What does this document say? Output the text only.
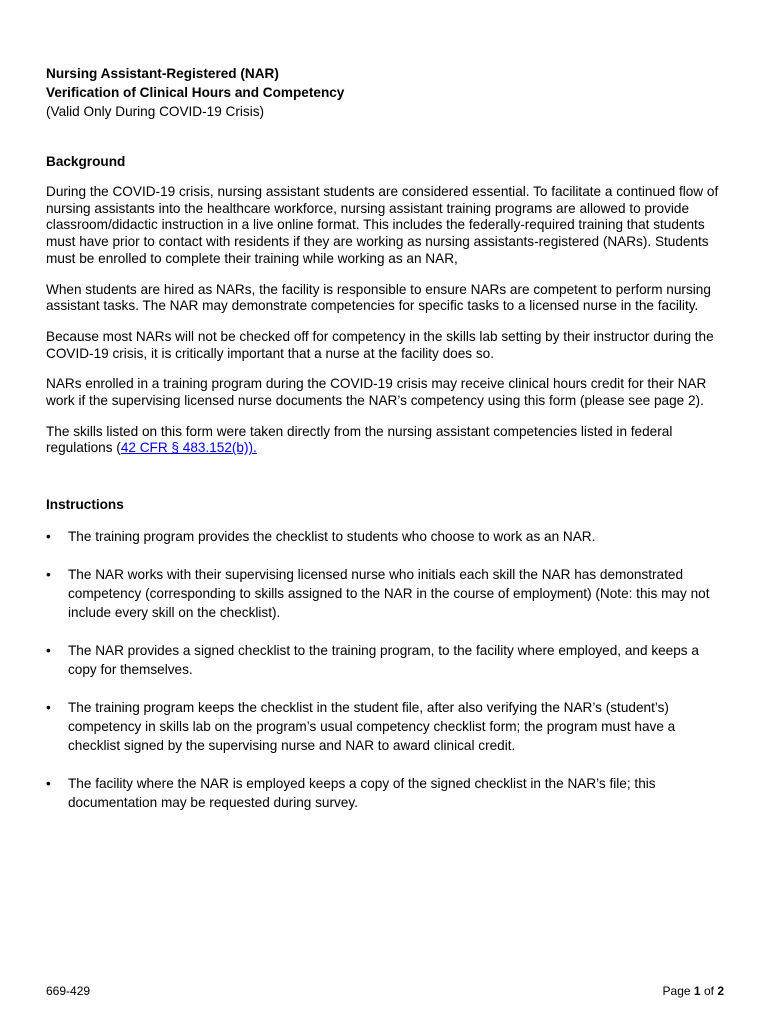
Nursing Assistant-Registered (NAR)
Verification of Clinical Hours and Competency
(Valid Only During COVID-19 Crisis)
Background

During the COVID-19 crisis, nursing assistant students are considered essential. To facilitate a continued flow of nursing assistants into the healthcare workforce, nursing assistant training programs are allowed to provide classroom/didactic instruction in a live online format. This includes the federally-required training that students must have prior to contact with residents if they are working as nursing assistants-registered (NARs). Students must be enrolled to complete their training while working as an NAR,

When students are hired as NARs, the facility is responsible to ensure NARs are competent to perform nursing assistant tasks. The NAR may demonstrate competencies for specific tasks to a licensed nurse in the facility.

Because most NARs will not be checked off for competency in the skills lab setting by their instructor during the COVID-19 crisis, it is critically important that a nurse at the facility does so.

NARs enrolled in a training program during the COVID-19 crisis may receive clinical hours credit for their NAR work if the supervising licensed nurse documents the NAR’s competency using this form (please see page 2).

The skills listed on this form were taken directly from the nursing assistant competencies listed in federal regulations (42 CFR § 483.152(b)).

Instructions
• The training program provides the checklist to students who choose to work as an NAR.
• The NAR works with their supervising licensed nurse who initials each skill the NAR has demonstrated competency (corresponding to skills assigned to the NAR in the course of employment) (Note: this may not include every skill on the checklist).
• The NAR provides a signed checklist to the training program, to the facility where employed, and keeps a copy for themselves.
• The training program keeps the checklist in the student file, after also verifying the NAR’s (student’s) competency in skills lab on the program’s usual competency checklist form; the program must have a checklist signed by the supervising nurse and NAR to award clinical credit.
• The facility where the NAR is employed keeps a copy of the signed checklist in the NAR’s file; this documentation may be requested during survey.
669-429	Page 1 of 2
